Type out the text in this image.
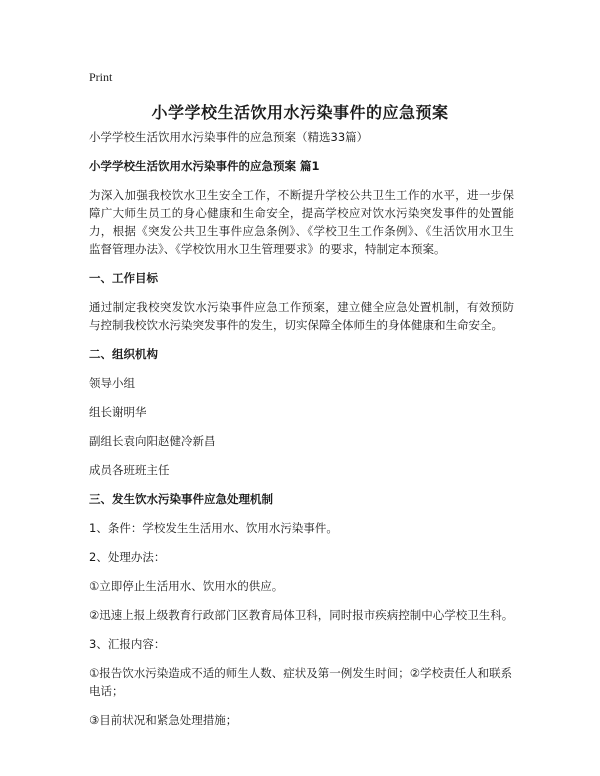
Print
小学学校生活饮用水污染事件的应急预案

小学学校生活饮用水污染事件的应急预案（精选33篇）

小学学校生活饮用水污染事件的应急预案 篇1

为深入加强我校饮水卫生安全工作，不断提升学校公共卫生工作的水平，进一步保障广大师生员工的身心健康和生命安全，提高学校应对饮水污染突发事件的处置能力，根据《突发公共卫生事件应急条例》、《学校卫生工作条例》、《生活饮用水卫生监督管理办法》、《学校饮用水卫生管理要求》的要求，特制定本预案。

一、工作目标

通过制定我校突发饮水污染事件应急工作预案，建立健全应急处置机制，有效预防与控制我校饮水污染突发事件的发生，切实保障全体师生的身体健康和生命安全。

二、组织机构

领导小组

组长谢明华

副组长袁向阳赵健冷新昌

成员各班班主任

三、发生饮水污染事件应急处理机制

1、条件：学校发生生活用水、饮用水污染事件。

2、处理办法：

①立即停止生活用水、饮用水的供应。

②迅速上报上级教育行政部门区教育局体卫科，同时报市疾病控制中心学校卫生科。

3、汇报内容：

①报告饮水污染造成不适的师生人数、症状及第一例发生时间；②学校责任人和联系电话；

③目前状况和紧急处理措施；
